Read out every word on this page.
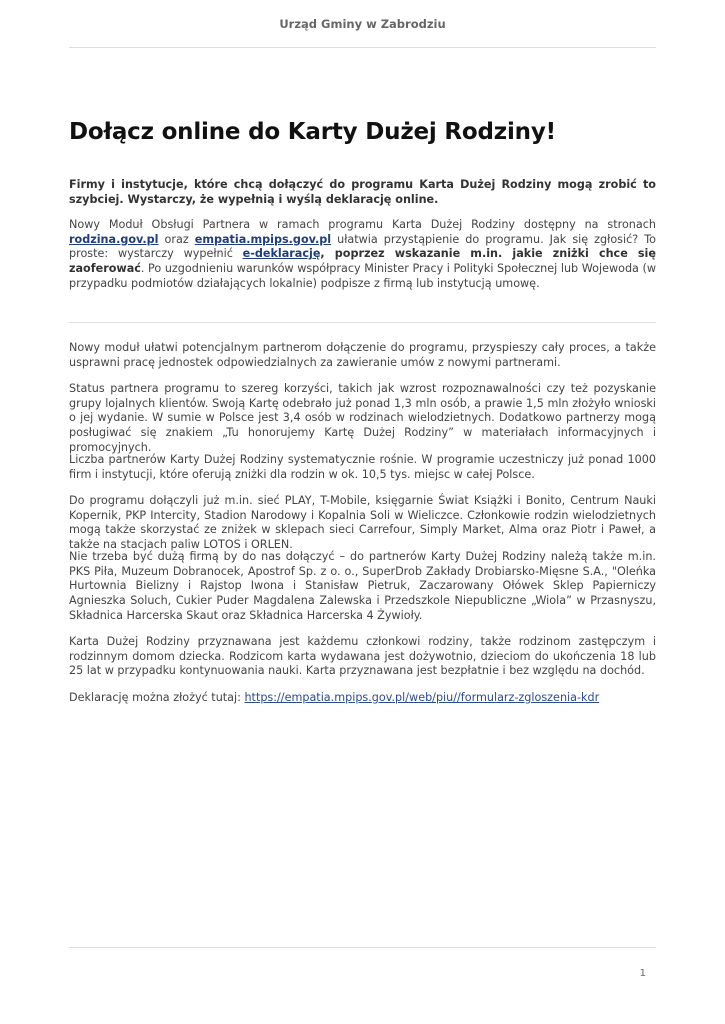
Urząd Gminy w Zabrodziu
Dołącz online do Karty Dużej Rodziny!

Firmy i instytucje, które chcą dołączyć do programu Karta Dużej Rodziny mogą zrobić to szybciej. Wystarczy, że wypełnią i wyślą deklarację online.

Nowy Moduł Obsługi Partnera w ramach programu Karta Dużej Rodziny dostępny na stronach rodzina.gov.pl oraz empatia.mpips.gov.pl ułatwia przystąpienie do programu. Jak się zgłosić? To proste: wystarczy wypełnić e-deklarację, poprzez wskazanie m.in. jakie zniżki chce się zaoferować. Po uzgodnieniu warunków współpracy Minister Pracy i Polityki Społecznej lub Wojewoda (w przypadku podmiotów działających lokalnie) podpisze z firmą lub instytucją umowę.

Nowy moduł ułatwi potencjalnym partnerom dołączenie do programu, przyspieszy cały proces, a także usprawni pracę jednostek odpowiedzialnych za zawieranie umów z nowymi partnerami.

Status partnera programu to szereg korzyści, takich jak wzrost rozpoznawalności czy też pozyskanie grupy lojalnych klientów. Swoją Kartę odebrało już ponad 1,3 mln osób, a prawie 1,5 mln złożyło wnioski o jej wydanie. W sumie w Polsce jest 3,4 osób w rodzinach wielodzietnych. Dodatkowo partnerzy mogą posługiwać się znakiem „Tu honorujemy Kartę Dużej Rodziny” w materiałach informacyjnych i promocyjnych.

Liczba partnerów Karty Dużej Rodziny systematycznie rośnie. W programie uczestniczy już ponad 1000 firm i instytucji, które oferują zniżki dla rodzin w ok. 10,5 tys. miejsc w całej Polsce.

Do programu dołączyli już m.in. sieć PLAY, T-Mobile, księgarnie Świat Książki i Bonito, Centrum Nauki Kopernik, PKP Intercity, Stadion Narodowy i Kopalnia Soli w Wieliczce. Członkowie rodzin wielodzietnych mogą także skorzystać ze zniżek w sklepach sieci Carrefour, Simply Market, Alma oraz Piotr i Paweł, a także na stacjach paliw LOTOS i ORLEN.

Nie trzeba być dużą firmą by do nas dołączyć – do partnerów Karty Dużej Rodziny należą także m.in. PKS Piła, Muzeum Dobranocek, Apostrof Sp. z o. o., SuperDrob Zakłady Drobiarsko-Mięsne S.A., "Oleńka Hurtownia Bielizny i Rajstop Iwona i Stanisław Pietruk, Zaczarowany Ołówek Sklep Papierniczy Agnieszka Soluch, Cukier Puder Magdalena Zalewska i Przedszkole Niepubliczne „Wiola” w Przasnyszu, Składnica Harcerska Skaut oraz Składnica Harcerska 4 Żywioły.

Karta Dużej Rodziny przyznawana jest każdemu członkowi rodziny, także rodzinom zastępczym i rodzinnym domom dziecka. Rodzicom karta wydawana jest dożywotnio, dzieciom do ukończenia 18 lub 25 lat w przypadku kontynuowania nauki. Karta przyznawana jest bezpłatnie i bez względu na dochód.

Deklarację można złożyć tutaj: https://empatia.mpips.gov.pl/web/piu//formularz-zgloszenia-kdr

1
